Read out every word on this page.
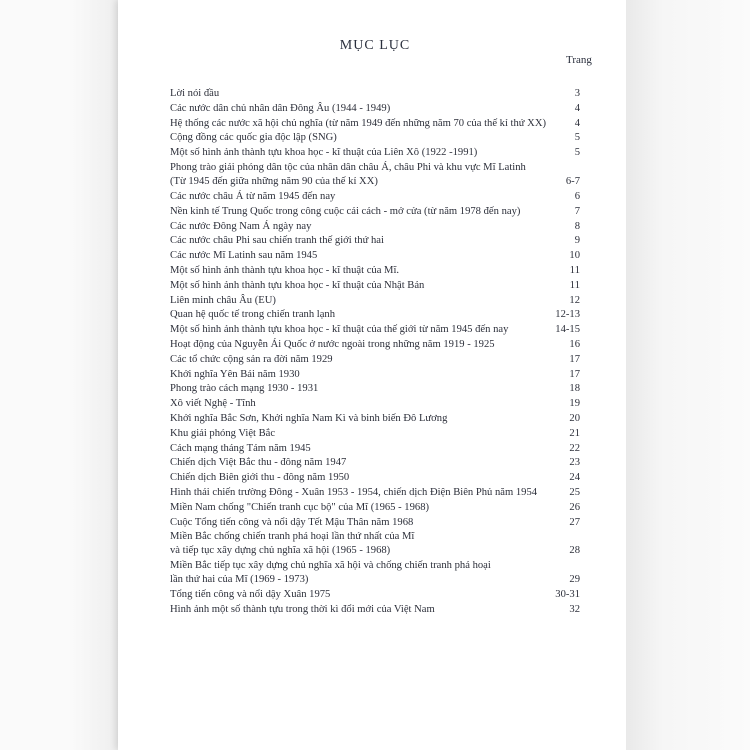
MỤC LỤC
Trang
Lời nói đầu	3
Các nước dân chủ nhân dân Đông Âu (1944 - 1949)	4
Hệ thống các nước xã hội chủ nghĩa (từ năm 1949 đến những năm 70 của thế kỉ thứ XX)	4
Cộng đồng các quốc gia độc lập (SNG)	5
Một số hình ảnh thành tựu khoa học - kĩ thuật của Liên Xô (1922 -1991)	5
Phong trào giải phóng dân tộc của nhân dân châu Á, châu Phi và khu vực Mĩ Latinh
(Từ 1945 đến giữa những năm 90 của thế kỉ XX)	6-7
Các nước châu Á từ năm 1945 đến nay	6
Nền kinh tế Trung Quốc trong công cuộc cải cách - mở cửa (từ năm 1978 đến nay)	7
Các nước Đông Nam Á ngày nay	8
Các nước châu Phi sau chiến tranh thế giới thứ hai	9
Các nước Mĩ Latinh sau năm 1945	10
Một số hình ảnh thành tựu khoa học - kĩ thuật của Mĩ.	11
Một số hình ảnh thành tựu khoa học - kĩ thuật của Nhật Bản	11
Liên minh châu Âu (EU)	12
Quan hệ quốc tế trong chiến tranh lạnh	12-13
Một số hình ảnh thành tựu khoa học - kĩ thuật của thế giới từ năm 1945 đến nay	14-15
Hoạt động của Nguyễn Ái Quốc ở nước ngoài trong những năm 1919 - 1925	16
Các tổ chức cộng sản ra đời năm 1929	17
Khởi nghĩa Yên Bái năm 1930	17
Phong trào cách mạng 1930 - 1931	18
Xô viết Nghệ - Tĩnh	19
Khởi nghĩa Bắc Sơn, Khởi nghĩa Nam Kì và binh biến Đô Lương	20
Khu giải phóng Việt Bắc	21
Cách mạng tháng Tám năm 1945	22
Chiến dịch Việt Bắc thu - đông năm 1947	23
Chiến dịch Biên giới thu - đông năm 1950	24
Hình thái chiến trường Đông - Xuân 1953 - 1954, chiến dịch Điện Biên Phủ năm 1954	25
Miền Nam chống "Chiến tranh cục bộ" của Mĩ (1965 - 1968)	26
Cuộc Tổng tiến công và nổi dậy Tết Mậu Thân năm 1968	27
Miền Bắc chống chiến tranh phá hoại lần thứ nhất của Mĩ
và tiếp tục xây dựng chủ nghĩa xã hội (1965 - 1968)	28
Miền Bắc tiếp tục xây dựng chủ nghĩa xã hội và chống chiến tranh phá hoại
lần thứ hai của Mĩ (1969 - 1973)	29
Tổng tiến công và nổi dậy Xuân 1975	30-31
Hình ảnh một số thành tựu trong thời kì đổi mới của Việt Nam	32
